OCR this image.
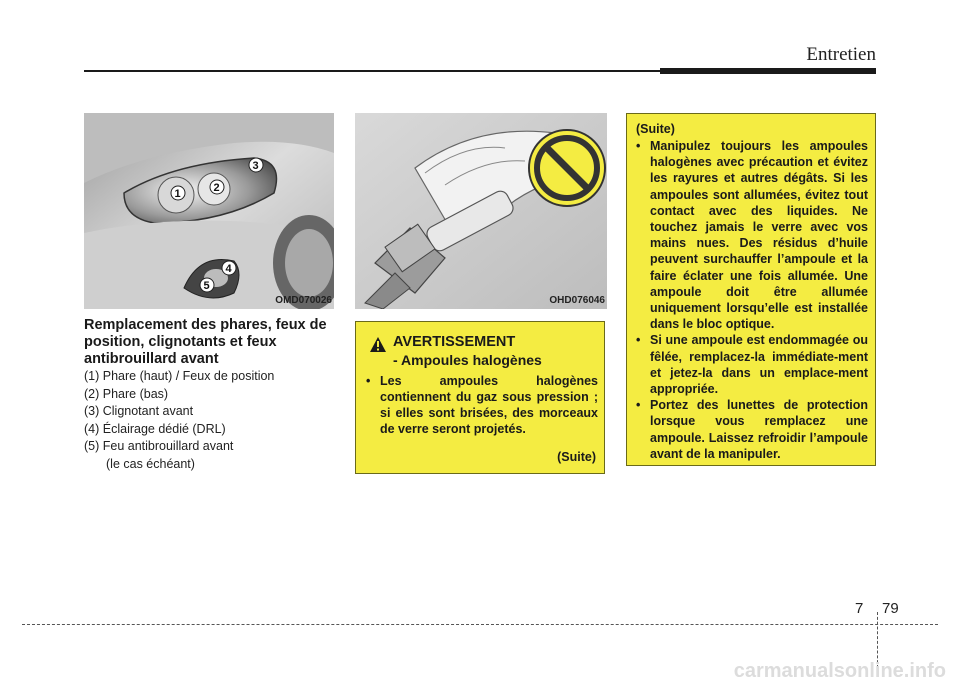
Entretien
1	2
3
4
5
OMD070026	OHD076046
Remplacement des phares, feux de position, clignotants et feux antibrouillard avant
(1) Phare (haut) / Feux de position
(2) Phare (bas)
(3) Clignotant avant
(4) Éclairage dédié (DRL)
(5) Feu antibrouillard avant
(le cas échéant)
AVERTISSEMENT
- Ampoules halogènes
• Les ampoules halogènes contiennent du gaz sous pression ; si elles sont brisées, des morceaux de verre seront projetés.
(Suite)
(Suite)
• Manipulez toujours les ampoules halogènes avec précaution et évitez les rayures et autres dégâts. Si les ampoules sont allumées, évitez tout contact avec des liquides. Ne touchez jamais le verre avec vos mains nues. Des résidus d’huile peuvent surchauffer l’ampoule et la faire éclater une fois allumée. Une ampoule doit être allumée uniquement lorsqu’elle est installée dans le bloc optique.
• Si une ampoule est endommagée ou fêlée, remplacez-la immédiate-ment et jetez-la dans un emplace-ment appropriée.
• Portez des lunettes de protection lorsque vous remplacez une ampoule. Laissez refroidir l’ampoule avant de la manipuler.
7 79
carmanualsonline.info
